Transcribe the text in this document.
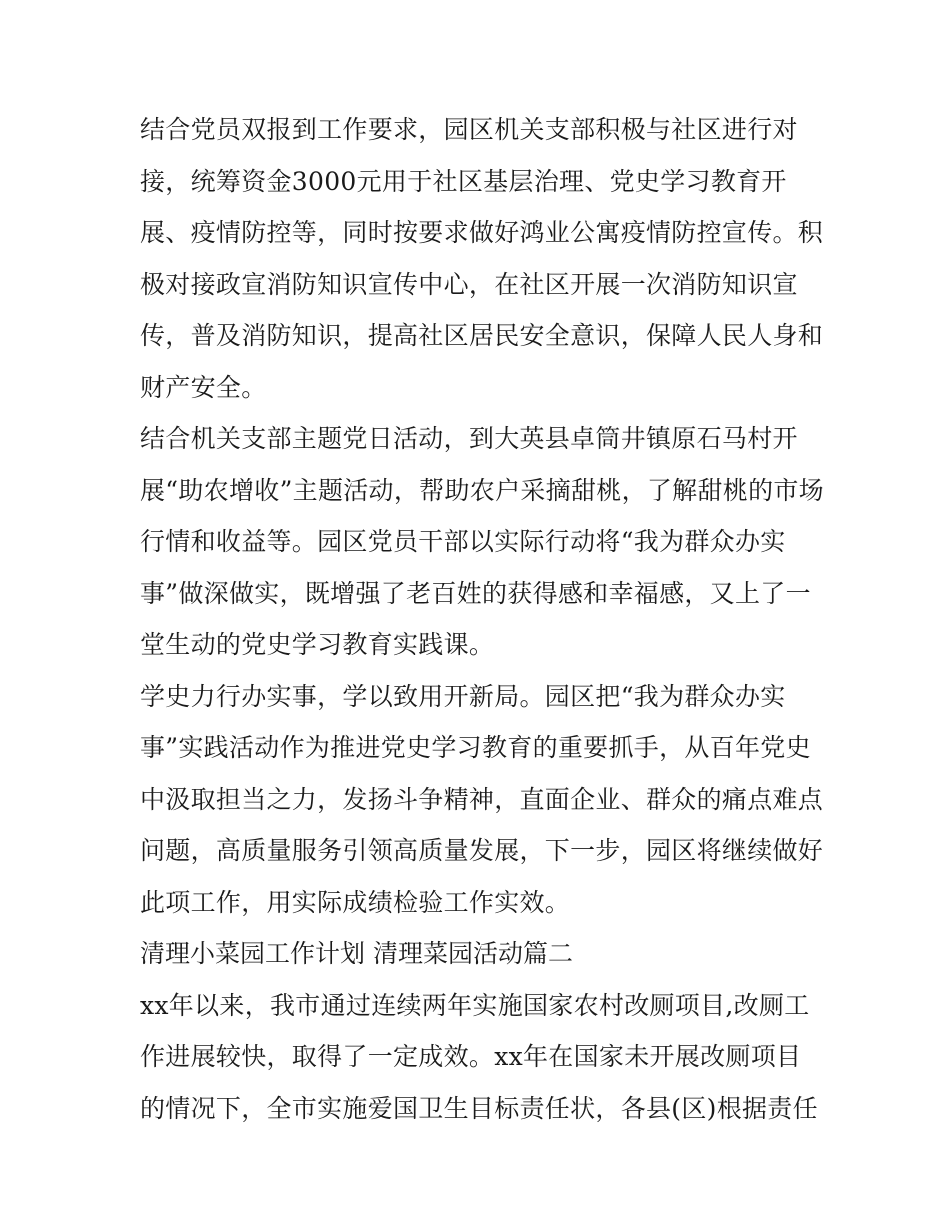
结合党员双报到工作要求，园区机关支部积极与社区进行对
接，统筹资金3000元用于社区基层治理、党史学习教育开
展、疫情防控等，同时按要求做好鸿业公寓疫情防控宣传。积
极对接政宣消防知识宣传中心，在社区开展一次消防知识宣
传，普及消防知识，提高社区居民安全意识，保障人民人身和
财产安全。
结合机关支部主题党日活动，到大英县卓筒井镇原石马村开
展“助农增收”主题活动，帮助农户采摘甜桃，了解甜桃的市场
行情和收益等。园区党员干部以实际行动将“我为群众办实
事”做深做实，既增强了老百姓的获得感和幸福感，又上了一
堂生动的党史学习教育实践课。
学史力行办实事，学以致用开新局。园区把“我为群众办实
事”实践活动作为推进党史学习教育的重要抓手，从百年党史
中汲取担当之力，发扬斗争精神，直面企业、群众的痛点难点
问题，高质量服务引领高质量发展，下一步，园区将继续做好
此项工作，用实际成绩检验工作实效。
清理小菜园工作计划 清理菜园活动篇二
xx年以来，我市通过连续两年实施国家农村改厕项目,改厕工
作进展较快，取得了一定成效。xx年在国家未开展改厕项目
的情况下，全市实施爱国卫生目标责任状，各县(区)根据责任
